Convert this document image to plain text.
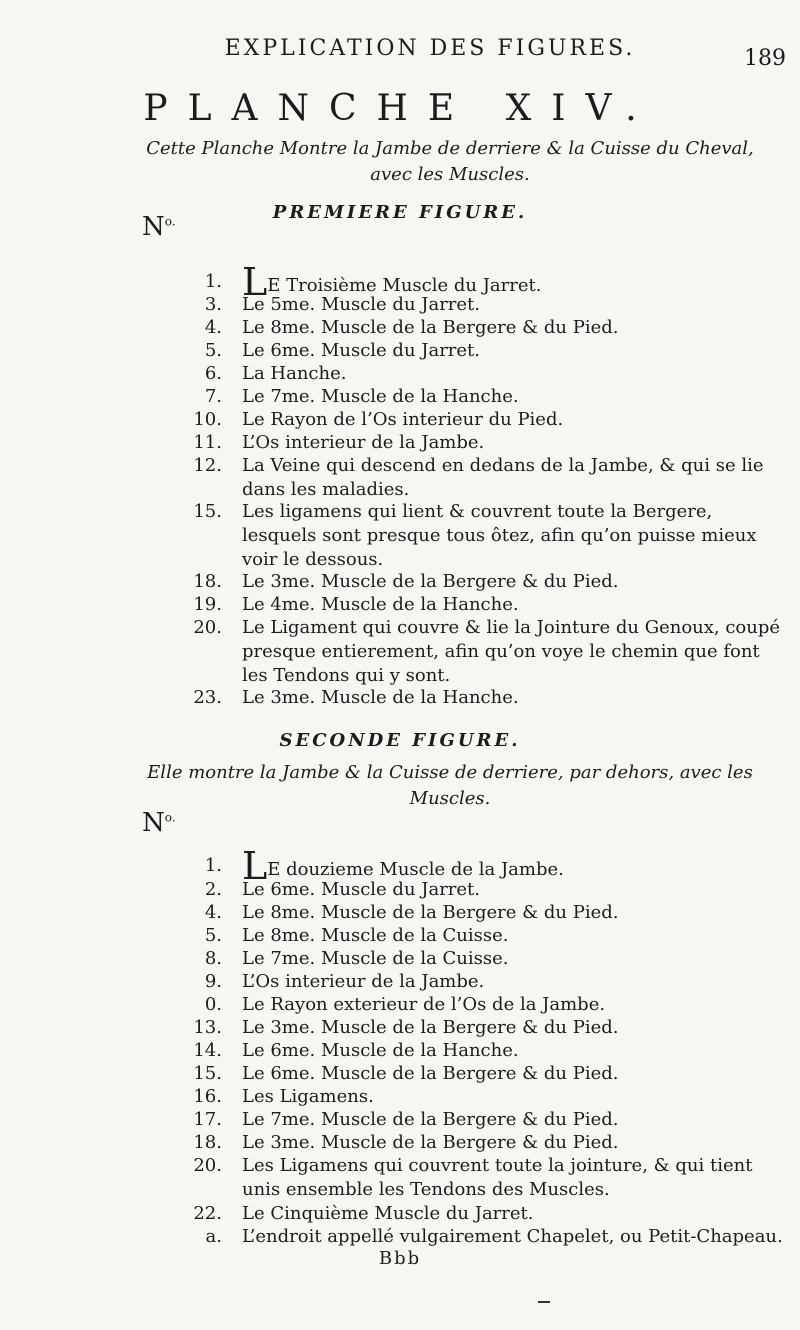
EXPLICATION DES FIGURES.	189
PLANCHE XIV.
Cette Planche Montre la Jambe de derriere & la Cuisse du Cheval, avec les Muscles.
PREMIERE FIGURE.
$N^{o.}$
1. LE Troisième Muscle du Jarret.
3. Le 5me. Muscle du Jarret.
4. Le 8me. Muscle de la Bergere & du Pied.
5. Le 6me. Muscle du Jarret.
6. La Hanche.
7. Le 7me. Muscle de la Hanche.
10. Le Rayon de l’Os interieur du Pied.
11. L’Os interieur de la Jambe.
12. La Veine qui descend en dedans de la Jambe, & qui se lie dans les maladies.
15. Les ligamens qui lient & couvrent toute la Bergere, lesquels sont presque tous ôtez, afin qu’on puisse mieux voir le dessous.
18. Le 3me. Muscle de la Bergere & du Pied.
19. Le 4me. Muscle de la Hanche.
20. Le Ligament qui couvre & lie la Jointure du Genoux, coupé presque entierement, afin qu’on voye le chemin que font les Tendons qui y sont.
23. Le 3me. Muscle de la Hanche.
SECONDE FIGURE.
Elle montre la Jambe & la Cuisse de derriere, par dehors, avec les Muscles.
$N^{o.}$
1. LE douzieme Muscle de la Jambe.
2. Le 6me. Muscle du Jarret.
4. Le 8me. Muscle de la Bergere & du Pied.
5. Le 8me. Muscle de la Cuisse.
8. Le 7me. Muscle de la Cuisse.
9. L’Os interieur de la Jambe.
0. Le Rayon exterieur de l’Os de la Jambe.
13. Le 3me. Muscle de la Bergere & du Pied.
14. Le 6me. Muscle de la Hanche.
15. Le 6me. Muscle de la Bergere & du Pied.
16. Les Ligamens.
17. Le 7me. Muscle de la Bergere & du Pied.
18. Le 3me. Muscle de la Bergere & du Pied.
20. Les Ligamens qui couvrent toute la jointure, & qui tient unis ensemble les Tendons des Muscles.
22. Le Cinquième Muscle du Jarret.
a. L’endroit appellé vulgairement Chapelet, ou Petit-Chapeau.
Bbb
